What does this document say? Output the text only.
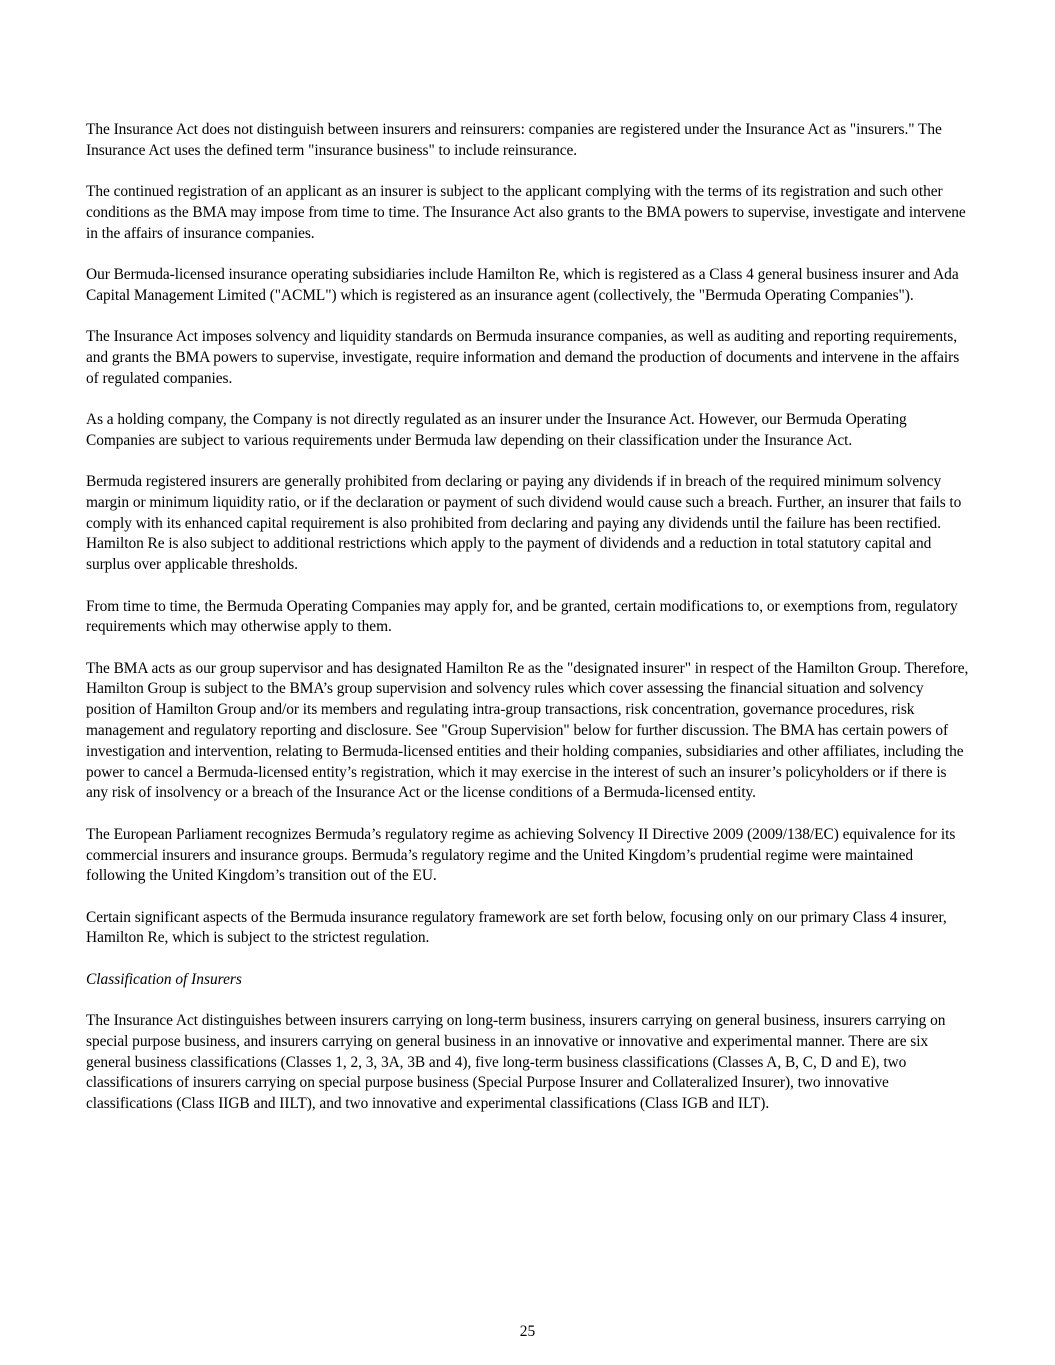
The Insurance Act does not distinguish between insurers and reinsurers: companies are registered under the Insurance Act as "insurers." The Insurance Act uses the defined term "insurance business" to include reinsurance.

The continued registration of an applicant as an insurer is subject to the applicant complying with the terms of its registration and such other conditions as the BMA may impose from time to time. The Insurance Act also grants to the BMA powers to supervise, investigate and intervene in the affairs of insurance companies.

Our Bermuda-licensed insurance operating subsidiaries include Hamilton Re, which is registered as a Class 4 general business insurer and Ada Capital Management Limited ("ACML") which is registered as an insurance agent (collectively, the "Bermuda Operating Companies").

The Insurance Act imposes solvency and liquidity standards on Bermuda insurance companies, as well as auditing and reporting requirements, and grants the BMA powers to supervise, investigate, require information and demand the production of documents and intervene in the affairs of regulated companies.

As a holding company, the Company is not directly regulated as an insurer under the Insurance Act. However, our Bermuda Operating Companies are subject to various requirements under Bermuda law depending on their classification under the Insurance Act.

Bermuda registered insurers are generally prohibited from declaring or paying any dividends if in breach of the required minimum solvency margin or minimum liquidity ratio, or if the declaration or payment of such dividend would cause such a breach. Further, an insurer that fails to comply with its enhanced capital requirement is also prohibited from declaring and paying any dividends until the failure has been rectified. Hamilton Re is also subject to additional restrictions which apply to the payment of dividends and a reduction in total statutory capital and surplus over applicable thresholds.

From time to time, the Bermuda Operating Companies may apply for, and be granted, certain modifications to, or exemptions from, regulatory requirements which may otherwise apply to them.

The BMA acts as our group supervisor and has designated Hamilton Re as the "designated insurer" in respect of the Hamilton Group. Therefore, Hamilton Group is subject to the BMA’s group supervision and solvency rules which cover assessing the financial situation and solvency position of Hamilton Group and/or its members and regulating intra-group transactions, risk concentration, governance procedures, risk management and regulatory reporting and disclosure. See "Group Supervision" below for further discussion. The BMA has certain powers of investigation and intervention, relating to Bermuda-licensed entities and their holding companies, subsidiaries and other affiliates, including the power to cancel a Bermuda-licensed entity’s registration, which it may exercise in the interest of such an insurer’s policyholders or if there is any risk of insolvency or a breach of the Insurance Act or the license conditions of a Bermuda-licensed entity.

The European Parliament recognizes Bermuda’s regulatory regime as achieving Solvency II Directive 2009 (2009/138/EC) equivalence for its commercial insurers and insurance groups. Bermuda’s regulatory regime and the United Kingdom’s prudential regime were maintained following the United Kingdom’s transition out of the EU.

Certain significant aspects of the Bermuda insurance regulatory framework are set forth below, focusing only on our primary Class 4 insurer, Hamilton Re, which is subject to the strictest regulation.

Classification of Insurers

The Insurance Act distinguishes between insurers carrying on long-term business, insurers carrying on general business, insurers carrying on special purpose business, and insurers carrying on general business in an innovative or innovative and experimental manner. There are six general business classifications (Classes 1, 2, 3, 3A, 3B and 4), five long-term business classifications (Classes A, B, C, D and E), two classifications of insurers carrying on special purpose business (Special Purpose Insurer and Collateralized Insurer), two innovative classifications (Class IIGB and IILT), and two innovative and experimental classifications (Class IGB and ILT).

25
